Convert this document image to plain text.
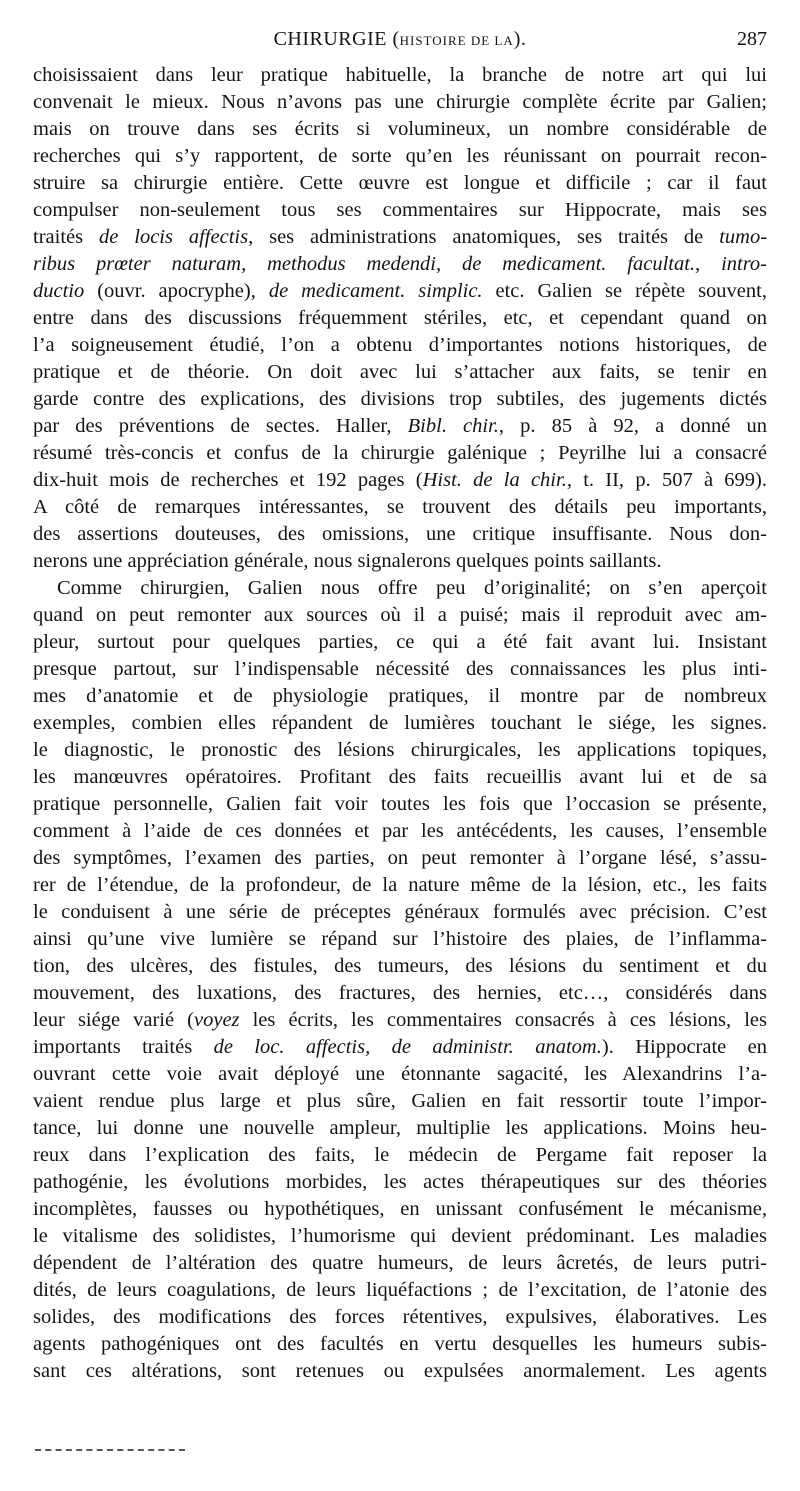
CHIRURGIE (HISTOIRE DE LA).	287
choisissaient dans leur pratique habituelle, la branche de notre art qui lui
convenait le mieux. Nous n’avons pas une chirurgie complète écrite par Galien;
mais on trouve dans ses écrits si volumineux, un nombre considérable de
recherches qui s’y rapportent, de sorte qu’en les réunissant on pourrait recon-
struire sa chirurgie entière. Cette œuvre est longue et difficile ; car il faut
compulser non-seulement tous ses commentaires sur Hippocrate, mais ses
traités de locis affectis, ses administrations anatomiques, ses traités de tumo-
ribus prœter naturam, methodus medendi, de medicament. facultat., intro-
ductio (ouvr. apocryphe), de medicament. simplic. etc. Galien se répète souvent,
entre dans des discussions fréquemment stériles, etc, et cependant quand on
l’a soigneusement étudié, l’on a obtenu d’importantes notions historiques, de
pratique et de théorie. On doit avec lui s’attacher aux faits, se tenir en
garde contre des explications, des divisions trop subtiles, des jugements dictés
par des préventions de sectes. Haller, Bibl. chir., p. 85 à 92, a donné un
résumé très-concis et confus de la chirurgie galénique ; Peyrilhe lui a consacré
dix-huit mois de recherches et 192 pages (Hist. de la chir., t. II, p. 507 à 699).
A côté de remarques intéressantes, se trouvent des détails peu importants,
des assertions douteuses, des omissions, une critique insuffisante. Nous don-
nerons une appréciation générale, nous signalerons quelques points saillants.
Comme chirurgien, Galien nous offre peu d’originalité; on s’en aperçoit
quand on peut remonter aux sources où il a puisé; mais il reproduit avec am-
pleur, surtout pour quelques parties, ce qui a été fait avant lui. Insistant
presque partout, sur l’indispensable nécessité des connaissances les plus inti-
mes d’anatomie et de physiologie pratiques, il montre par de nombreux
exemples, combien elles répandent de lumières touchant le siége, les signes.
le diagnostic, le pronostic des lésions chirurgicales, les applications topiques,
les manœuvres opératoires. Profitant des faits recueillis avant lui et de sa
pratique personnelle, Galien fait voir toutes les fois que l’occasion se présente,
comment à l’aide de ces données et par les antécédents, les causes, l’ensemble
des symptômes, l’examen des parties, on peut remonter à l’organe lésé, s’assu-
rer de l’étendue, de la profondeur, de la nature même de la lésion, etc., les faits
le conduisent à une série de préceptes généraux formulés avec précision. C’est
ainsi qu’une vive lumière se répand sur l’histoire des plaies, de l’inflamma-
tion, des ulcères, des fistules, des tumeurs, des lésions du sentiment et du
mouvement, des luxations, des fractures, des hernies, etc…, considérés dans
leur siége varié (voyez les écrits, les commentaires consacrés à ces lésions, les
importants traités de loc. affectis, de administr. anatom.). Hippocrate en
ouvrant cette voie avait déployé une étonnante sagacité, les Alexandrins l’a-
vaient rendue plus large et plus sûre, Galien en fait ressortir toute l’impor-
tance, lui donne une nouvelle ampleur, multiplie les applications. Moins heu-
reux dans l’explication des faits, le médecin de Pergame fait reposer la
pathogénie, les évolutions morbides, les actes thérapeutiques sur des théories
incomplètes, fausses ou hypothétiques, en unissant confusément le mécanisme,
le vitalisme des solidistes, l’humorisme qui devient prédominant. Les maladies
dépendent de l’altération des quatre humeurs, de leurs âcretés, de leurs putri-
dités, de leurs coagulations, de leurs liquéfactions ; de l’excitation, de l’atonie des
solides, des modifications des forces rétentives, expulsives, élaboratives. Les
agents pathogéniques ont des facultés en vertu desquelles les humeurs subis-
sant ces altérations, sont retenues ou expulsées anormalement. Les agents
